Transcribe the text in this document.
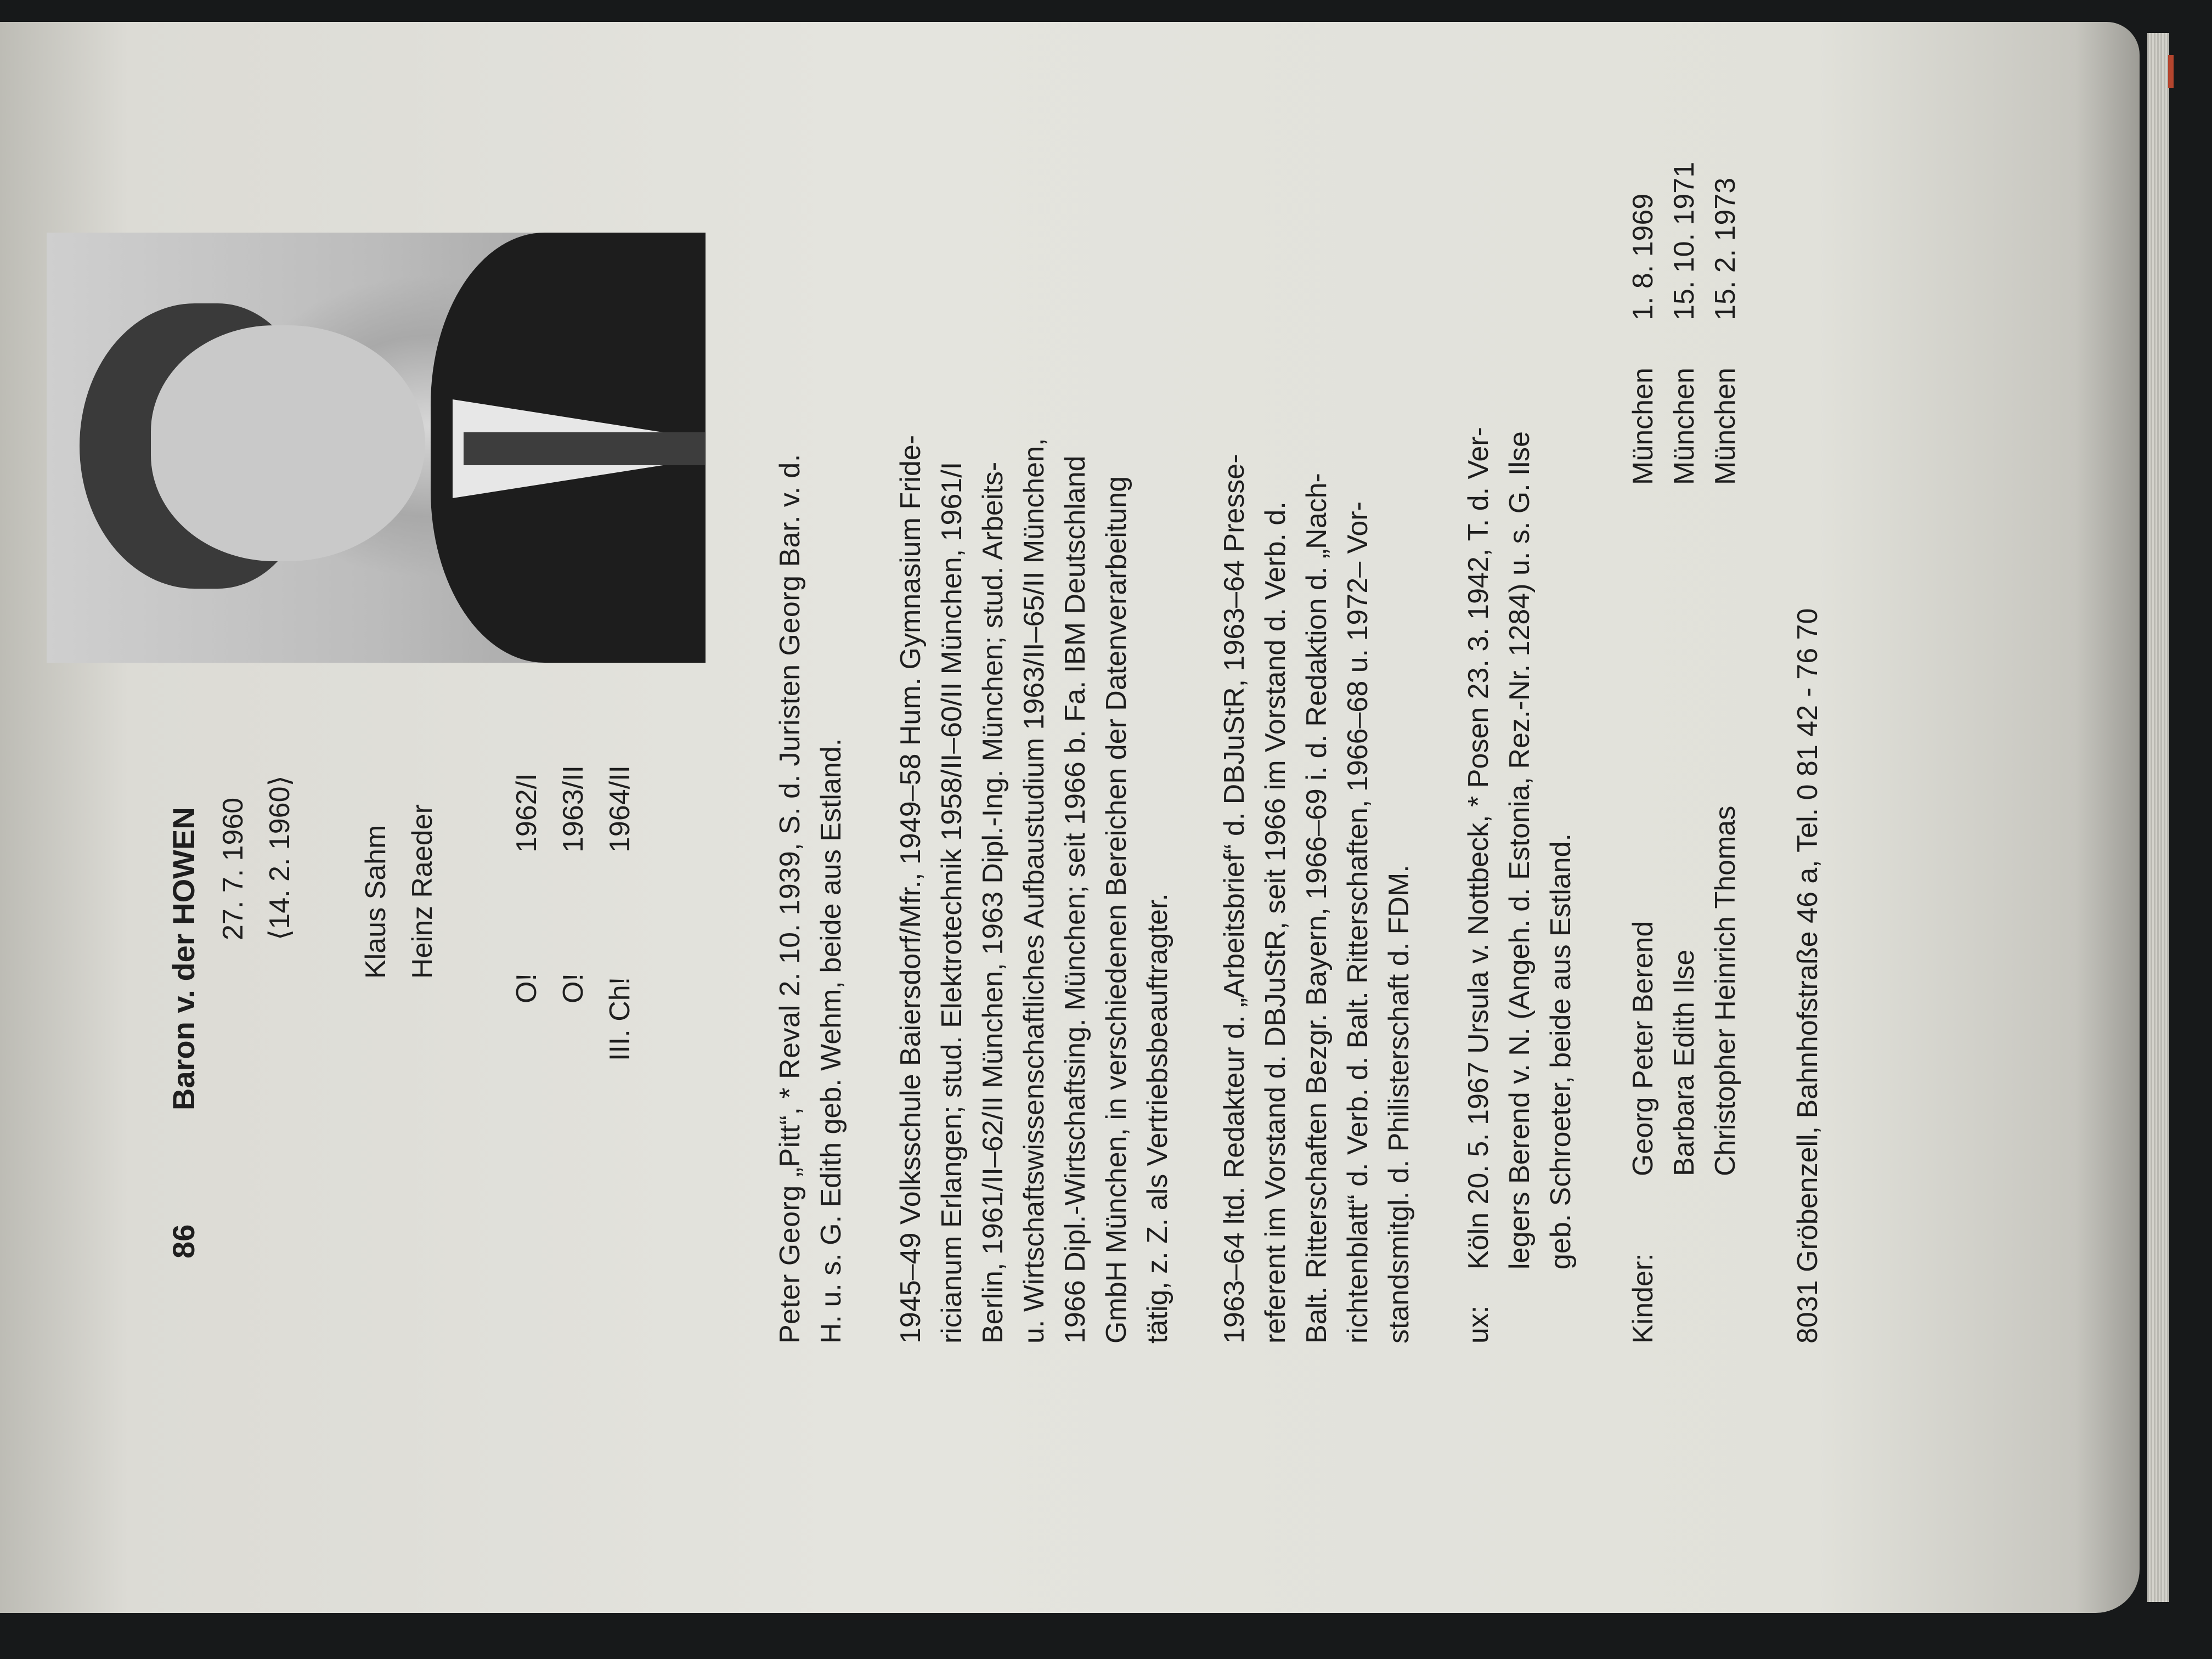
86
Baron v. der HOWEN 27. 7. 1960 ⟨14. 2. 1960⟩ Klaus Sahm Heinz Raeder
O!
1962/I
O!
1963/II
III. Ch!
1964/II	Peter Georg „Pitt“, * Reval 2. 10. 1939, S. d. Juristen Georg Bar. v. d. H. u. s. G. Edith geb. Wehm, beide aus Estland. 1945–49 Volksschule Baiersdorf/Mfr., 1949–58 Hum. Gymnasium Fride- ricianum Erlangen; stud. Elektrotechnik 1958/II–60/II München, 1961/I Berlin, 1961/II–62/II München, 1963 Dipl.-Ing. München; stud. Arbeits- u. Wirtschaftswissenschaftliches Aufbaustudium 1963/II–65/II München, 1966 Dipl.-Wirtschaftsing. München; seit 1966 b. Fa. IBM Deutschland GmbH München, in verschiedenen Bereichen der Datenverarbeitung tätig, z. Z. als Vertriebsbeauftragter. 1963–64 ltd. Redakteur d. „Arbeitsbrief“ d. DBJuStR, 1963–64 Presse- referent im Vorstand d. DBJuStR, seit 1966 im Vorstand d. Verb. d. Balt. Ritterschaften Bezgr. Bayern, 1966–69 i. d. Redaktion d. „Nach- richtenblatt“ d. Verb. d. Balt. Ritterschaften, 1966–68 u. 1972– Vor- standsmitgl. d. Philisterschaft d. FDM. ux:
Köln 20. 5. 1967 Ursula v. Nottbeck, * Posen 23. 3. 1942, T. d. Ver- legers Berend v. N. (Angeh. d. Estonia, Rez.-Nr. 1284) u. s. G. Ilse geb. Schroeter, beide aus Estland.
Kinder:
Georg Peter Berend
München
1. 8. 1969
Barbara Edith Ilse
München
15. 10. 1971
Christopher Heinrich Thomas
München
15. 2. 1973
8031 Gröbenzell, Bahnhofstraße 46 a, Tel. 0 81 42 - 76 70
